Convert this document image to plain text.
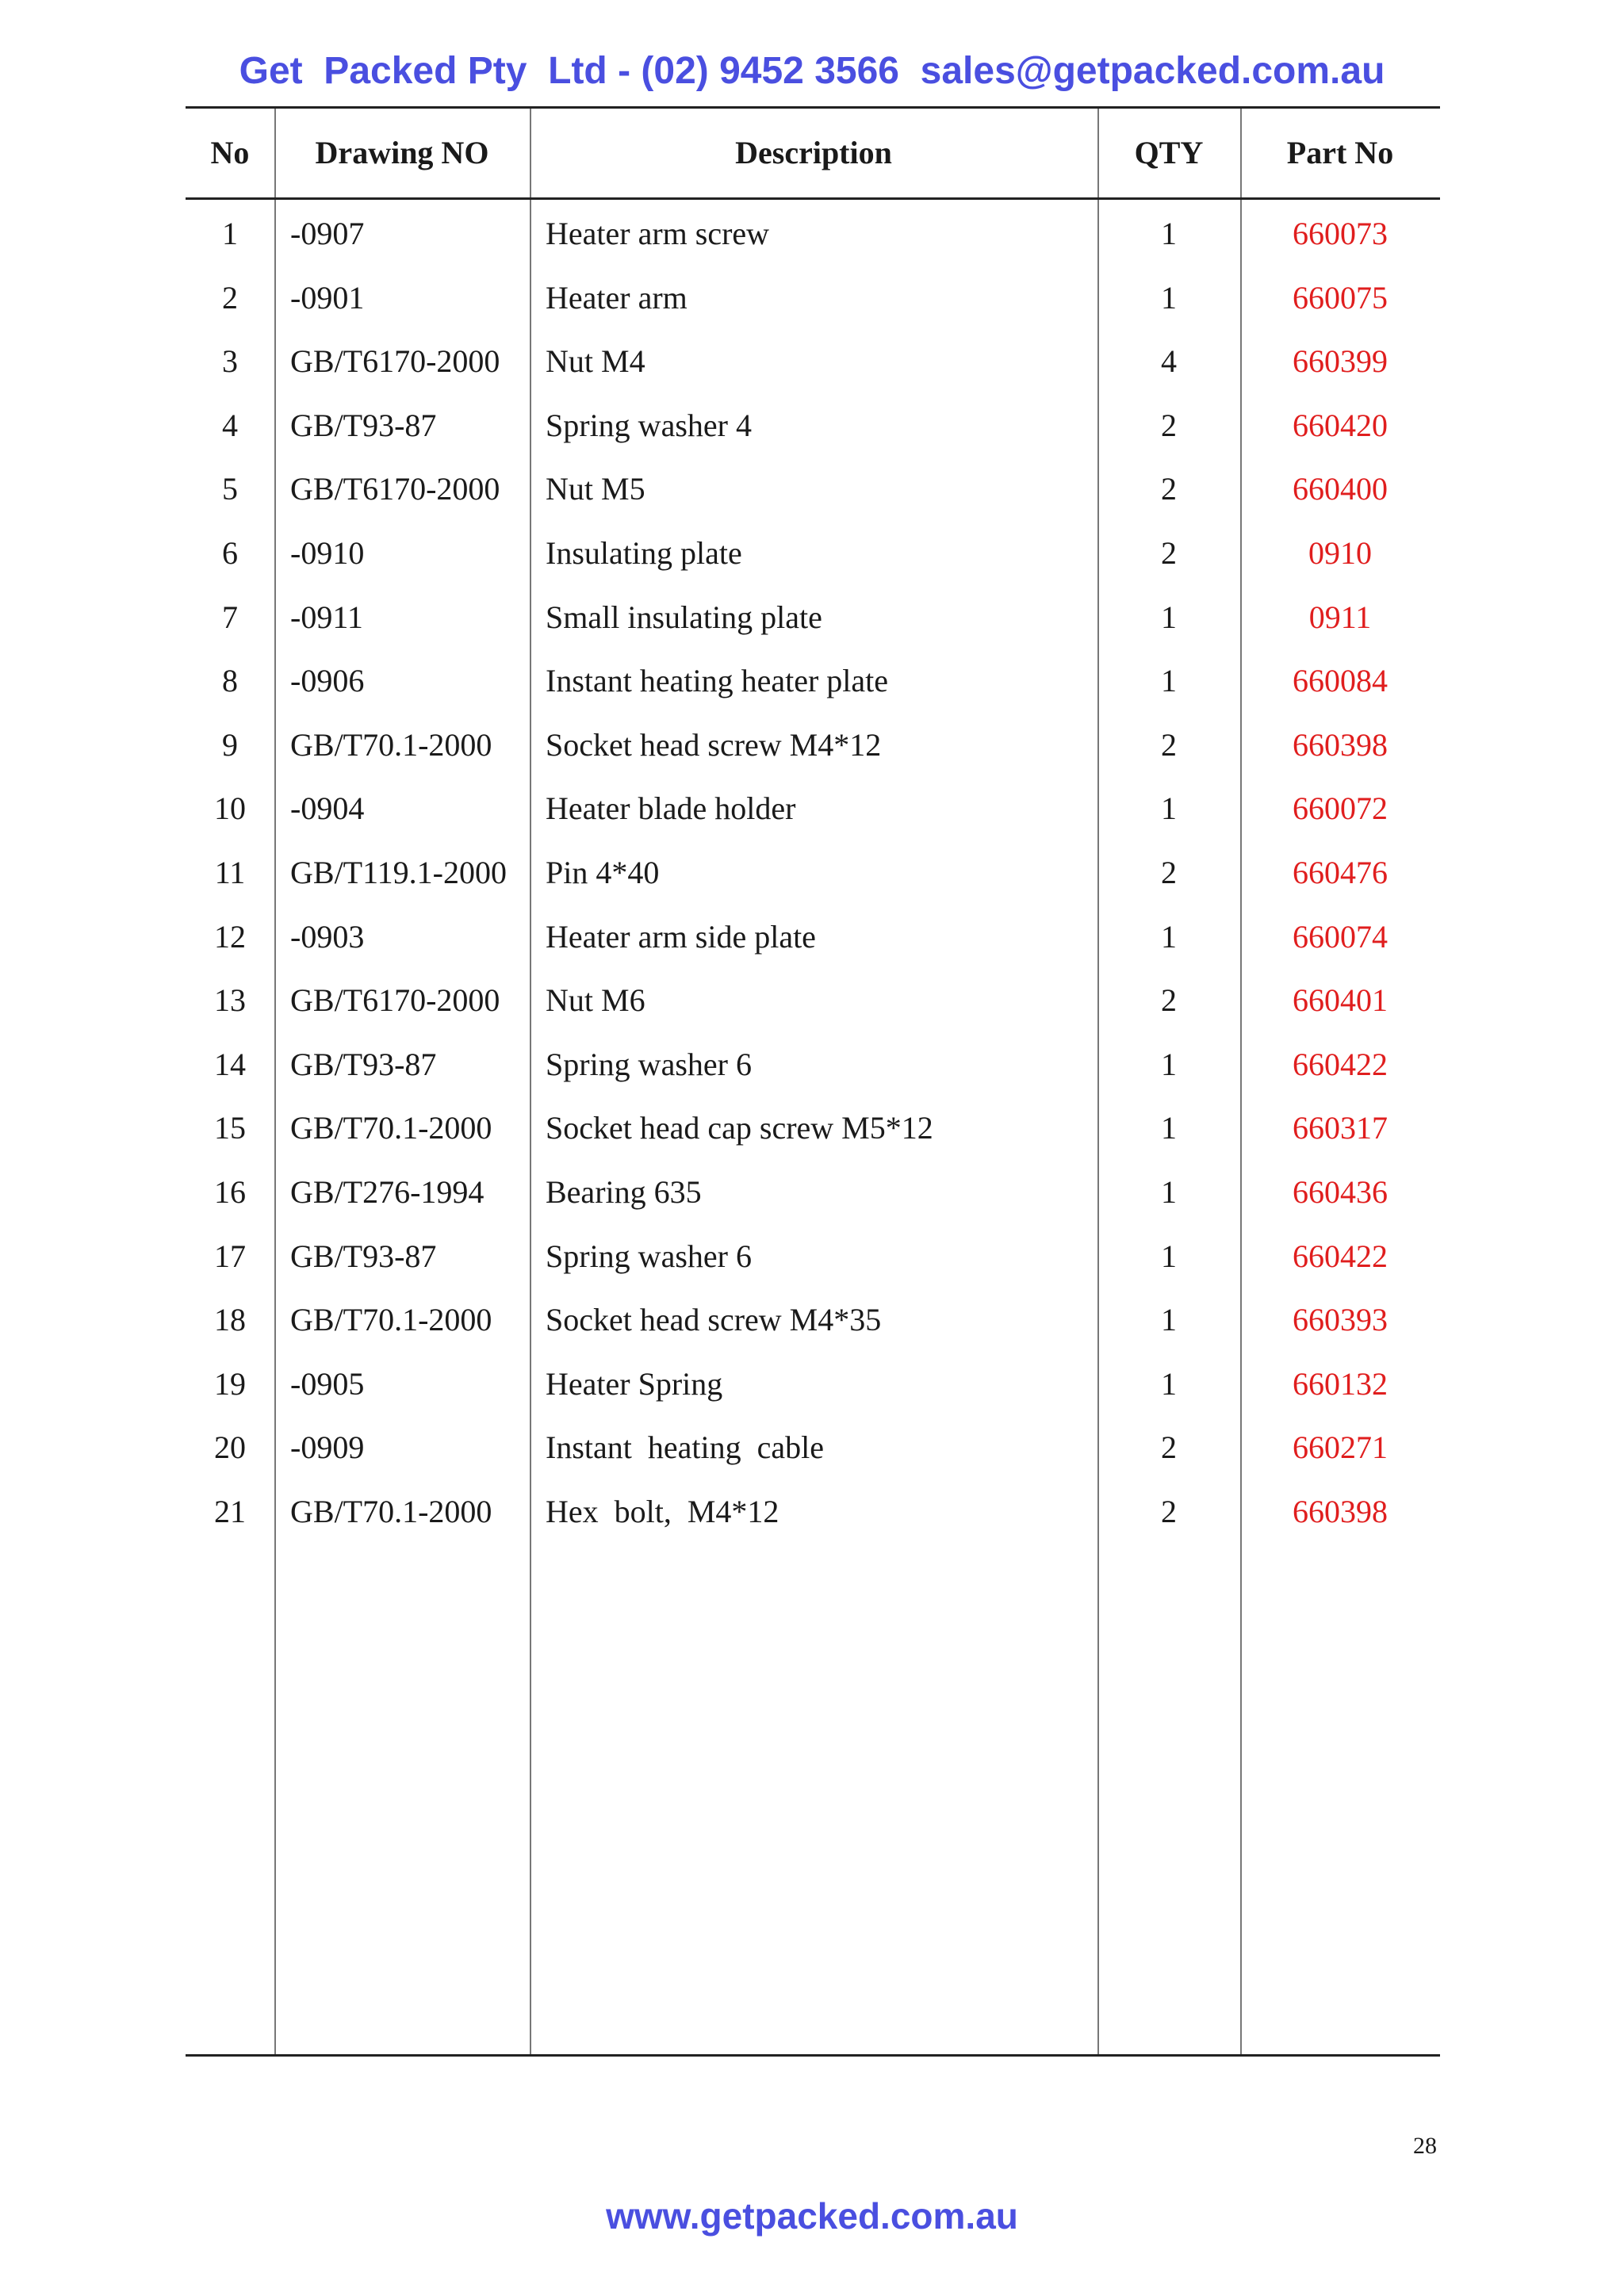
Get  Packed Pty  Ltd - (02) 9452 3566  sales@getpacked.com.au
No	Drawing NO	Description	QTY	Part No
1	-0907	Heater arm screw	1	660073
2	-0901	Heater arm	1	660075
3	GB/T6170-2000	Nut M4	4	660399
4	GB/T93-87	Spring washer 4	2	660420
5	GB/T6170-2000	Nut M5	2	660400
6	-0910	Insulating plate	2	0910
7	-0911	Small insulating plate	1	0911
8	-0906	Instant heating heater plate	1	660084
9	GB/T70.1-2000	Socket head screw M4*12	2	660398
10	-0904	Heater blade holder	1	660072
11	GB/T119.1-2000	Pin 4*40	2	660476
12	-0903	Heater arm side plate	1	660074
13	GB/T6170-2000	Nut M6	2	660401
14	GB/T93-87	Spring washer 6	1	660422
15	GB/T70.1-2000	Socket head cap screw M5*12	1	660317
16	GB/T276-1994	Bearing 635	1	660436
17	GB/T93-87	Spring washer 6	1	660422
18	GB/T70.1-2000	Socket head screw M4*35	1	660393
19	-0905	Heater Spring	1	660132
20	-0909	Instant  heating  cable	2	660271
21	GB/T70.1-2000	Hex  bolt,  M4*12	2	660398
28
www.getpacked.com.au
